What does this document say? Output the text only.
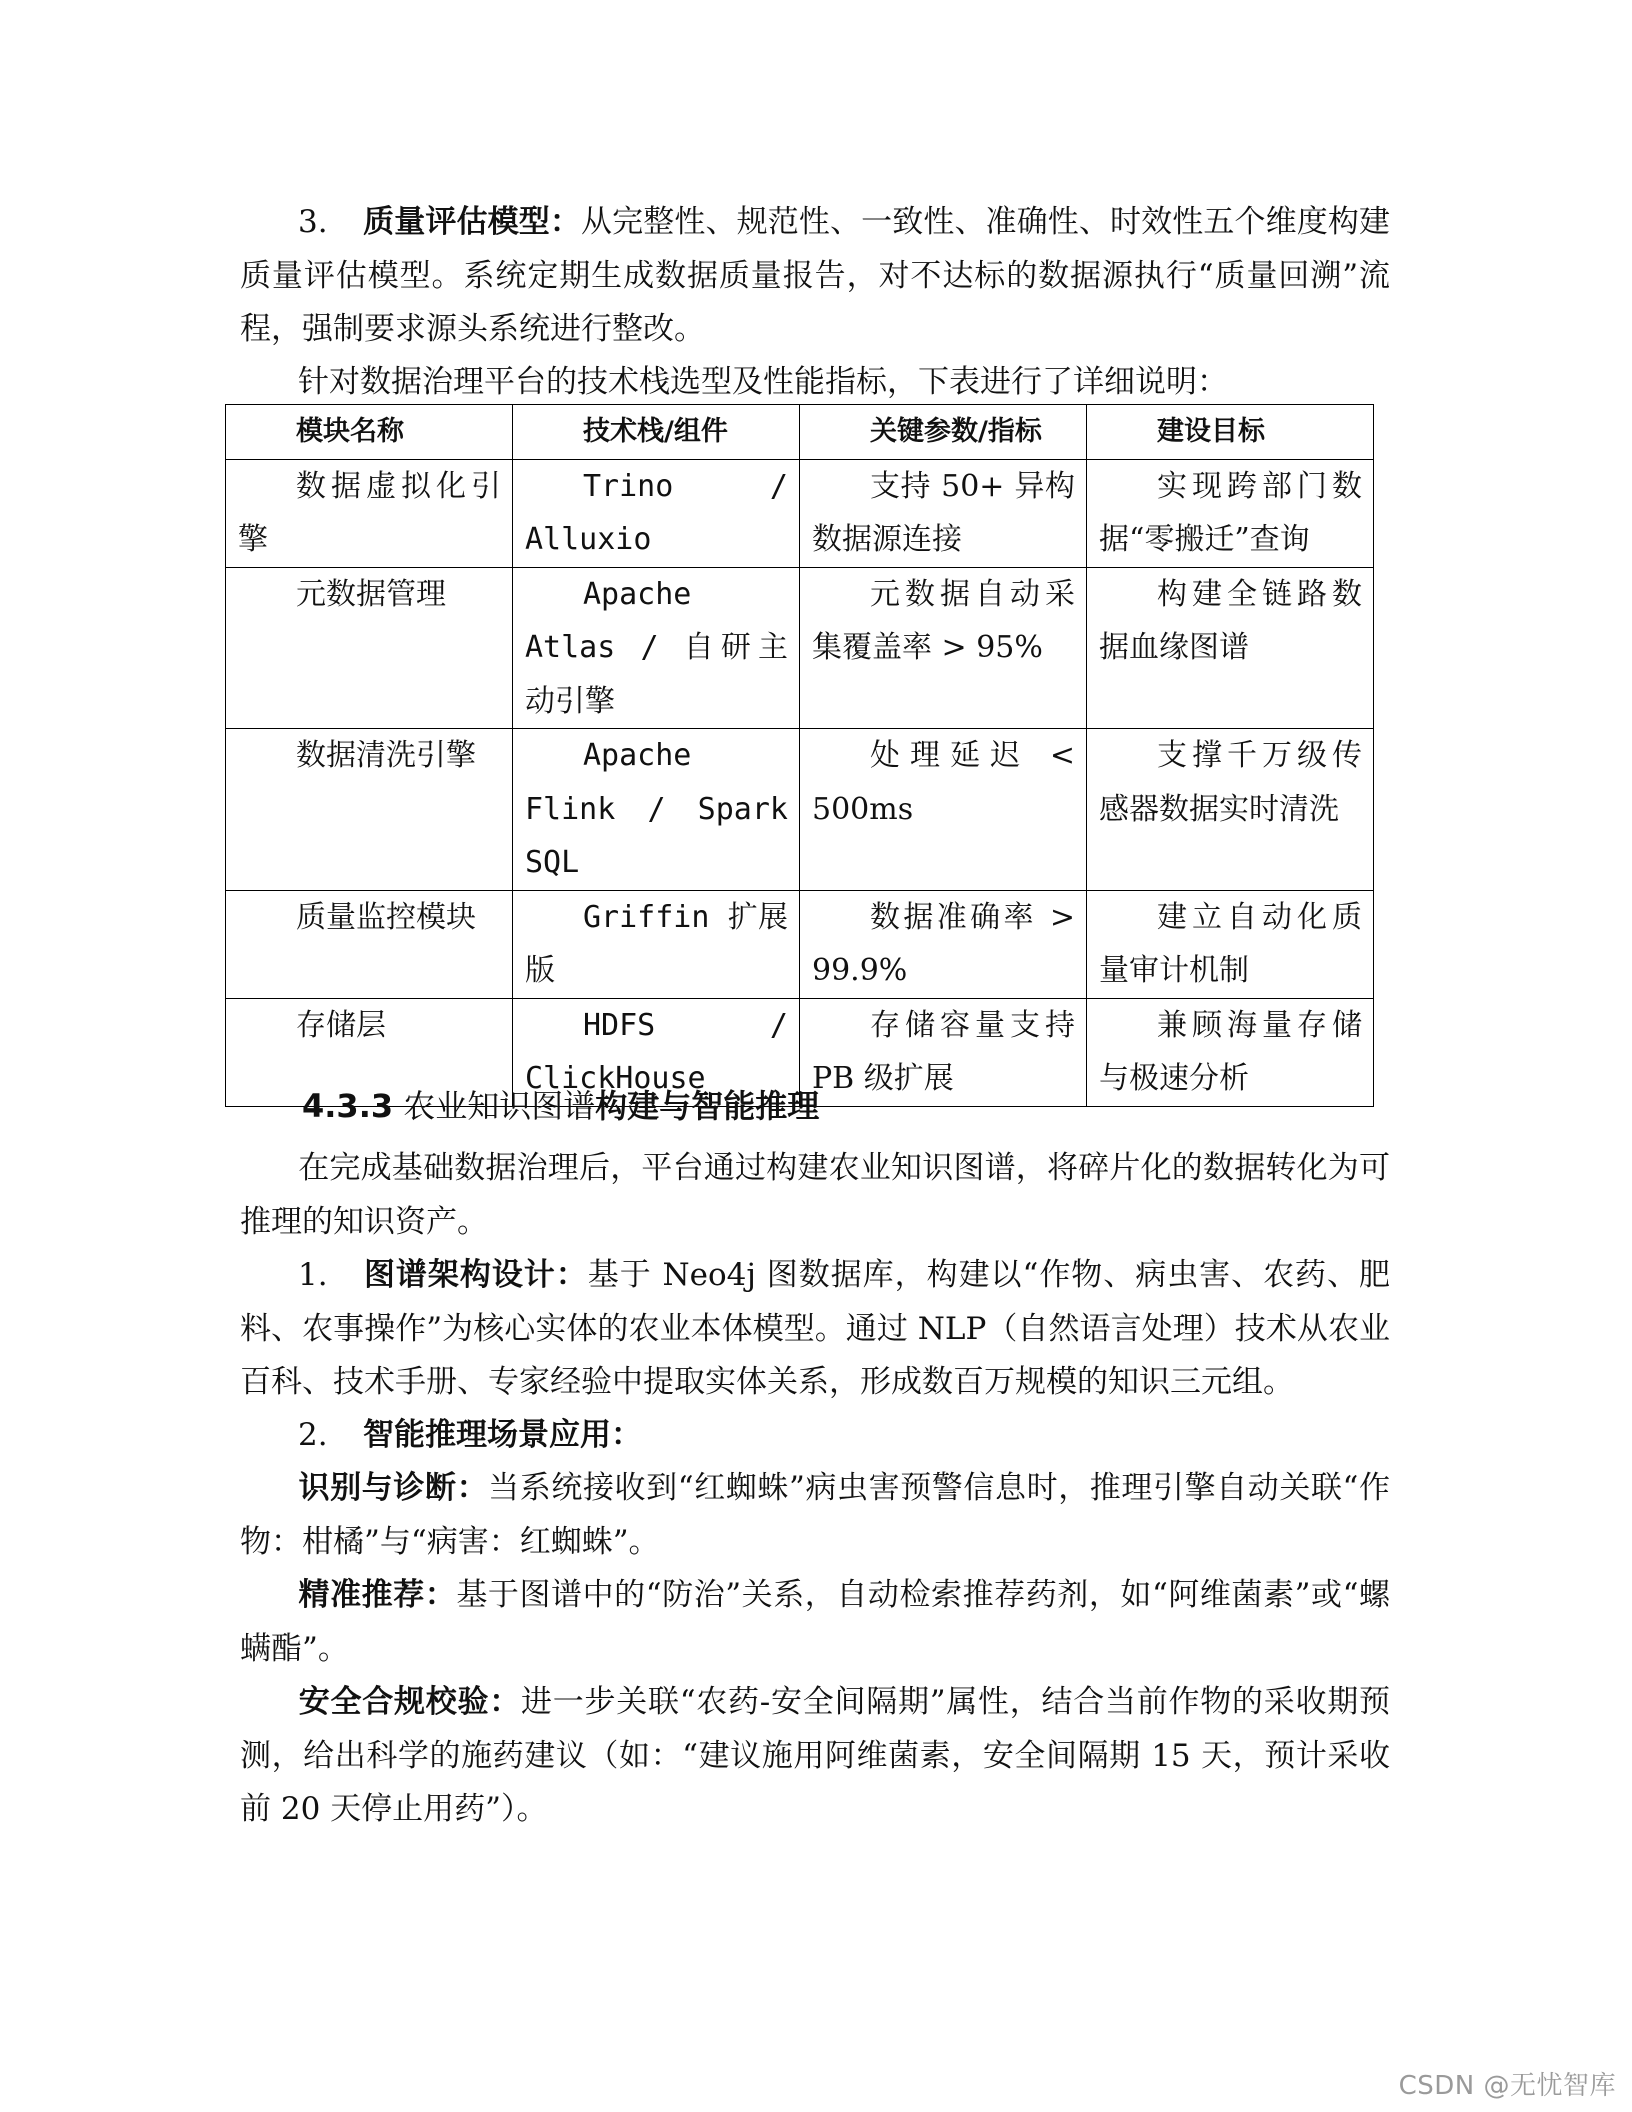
3. 质量评估模型：从完整性、规范性、一致性、准确性、时效性五个维度构建质量评估模型。系统定期生成数据质量报告，对不达标的数据源执行“质量回溯”流程，强制要求源头系统进行整改。

针对数据治理平台的技术栈选型及性能指标，下表进行了详细说明：

模块名称	技术栈/组件	关键参数/指标	建设目标

数据虚拟化引擎	Trino / Alluxio	支持 50+ 异构数据源连接	实现跨部门数据“零搬迁”查询

元数据管理	Apache Atlas / 自研主动引擎	元数据自动采集覆盖率 > 95%	构建全链路数据血缘图谱

数据清洗引擎	Apache Flink / Spark SQL	处理延迟 < 500ms	支撑千万级传感器数据实时清洗

质量监控模块	Griffin 扩展版	数据准确率 > 99.9%	建立自动化质量审计机制

存储层	HDFS / ClickHouse	存储容量支持 PB 级扩展	兼顾海量存储与极速分析
4.3.3 农业知识图谱构建与智能推理

在完成基础数据治理后，平台通过构建农业知识图谱，将碎片化的数据转化为可推理的知识资产。

1. 图谱架构设计：基于 Neo4j 图数据库，构建以“作物、病虫害、农药、肥料、农事操作”为核心实体的农业本体模型。通过 NLP（自然语言处理）技术从农业百科、技术手册、专家经验中提取实体关系，形成数百万规模的知识三元组。

2. 智能推理场景应用：

识别与诊断：当系统接收到“红蜘蛛”病虫害预警信息时，推理引擎自动关联“作物：柑橘”与“病害：红蜘蛛”。

精准推荐：基于图谱中的“防治”关系，自动检索推荐药剂，如“阿维菌素”或“螺螨酯”。

安全合规校验：进一步关联“农药-安全间隔期”属性，结合当前作物的采收期预测，给出科学的施药建议（如：“建议施用阿维菌素，安全间隔期 15 天，预计采收前 20 天停止用药”）。

CSDN @无忧智库
